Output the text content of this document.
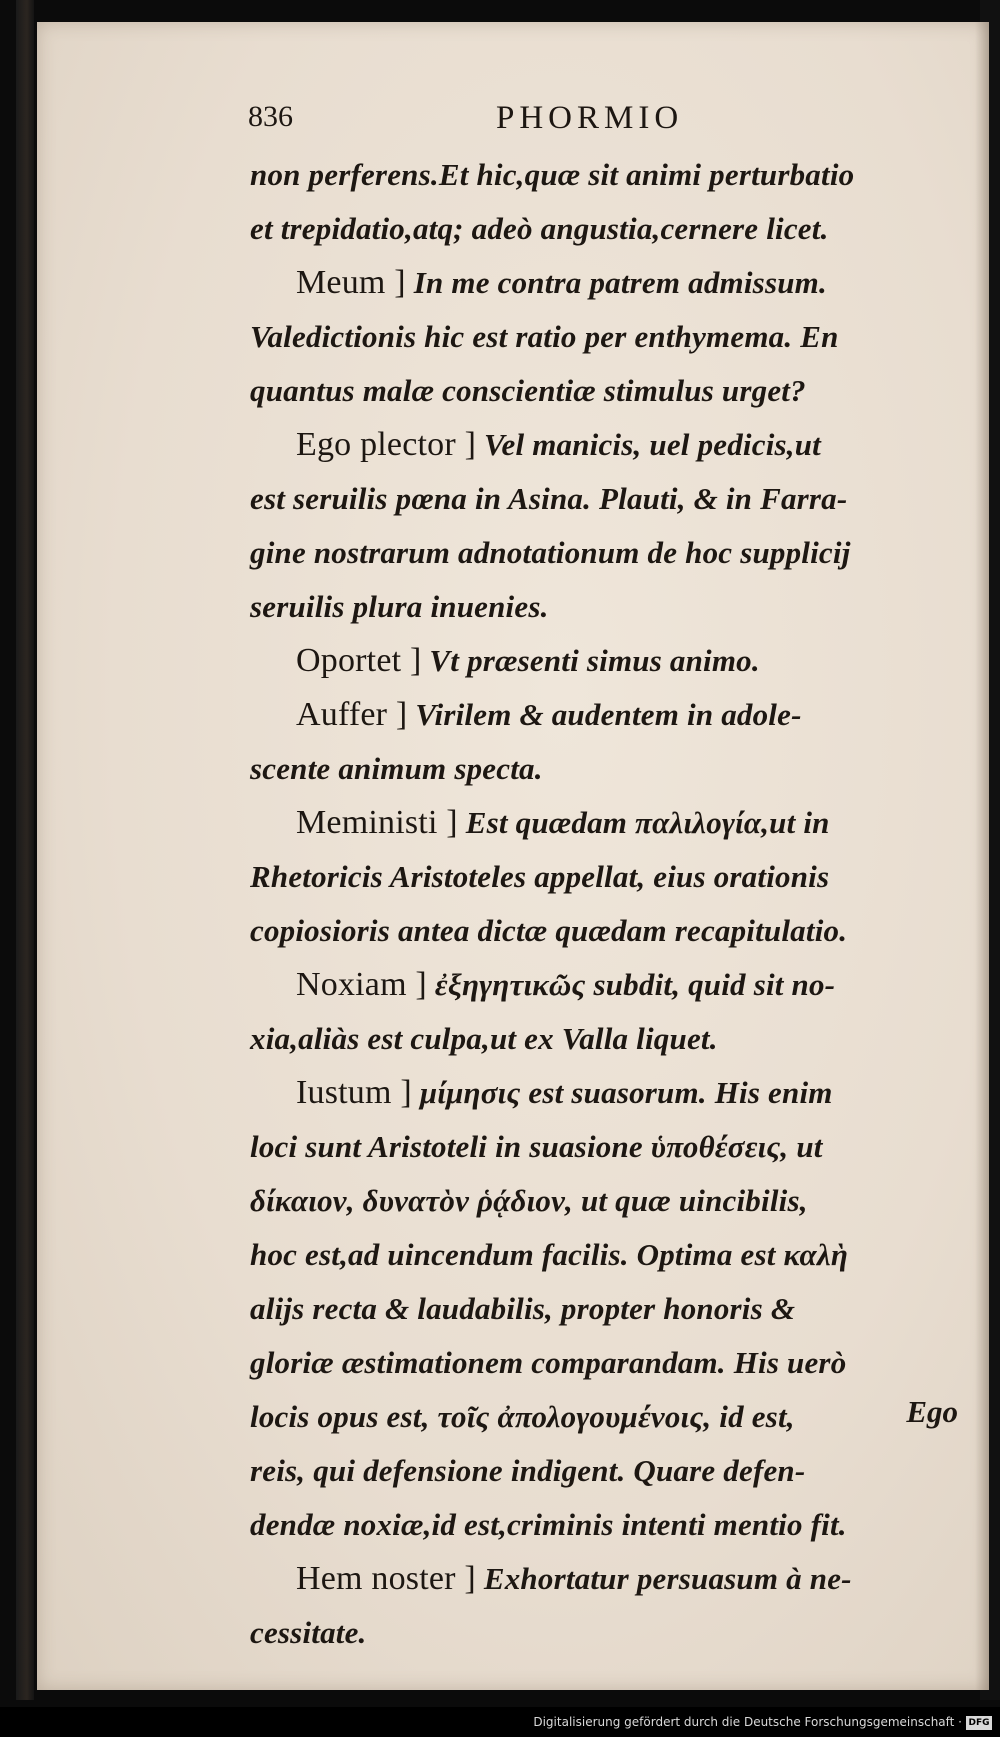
836	PHORMIO
non perferens.Et hic,quæ sit animi perturbatio
et trepidatio,atq; adeò angustia,cernere licet.
Meum ] In me contra patrem admissum.
Valedictionis hic est ratio per enthymema. En
quantus malæ conscientiæ stimulus urget?
Ego plector ] Vel manicis, uel pedicis,ut
est seruilis pœna in Asina. Plauti, & in Farra-
gine nostrarum adnotationum de hoc supplicij
seruilis plura inuenies.
Oportet ] Vt præsenti simus animo.
Auffer ] Virilem & audentem in adole-
scente animum specta.
Meministi ] Est quædam παλιλογία,ut in
Rhetoricis Aristoteles appellat, eius orationis
copiosioris antea dictæ quædam recapitulatio.
Noxiam ] ἐξηγητικῶς subdit, quid sit no-
xia,aliàs est culpa,ut ex Valla liquet.
Iustum ] μίμησις est suasorum. His enim
loci sunt Aristoteli in suasione ὑποθέσεις, ut
δίκαιον, δυνατὸν ῥᾴδιον, ut quæ uincibilis,
hoc est,ad uincendum facilis. Optima est καλὴ
alijs recta & laudabilis, propter honoris &
gloriæ æstimationem comparandam. His uerò
locis opus est, τοῖς ἀπολογουμένοις, id est,
reis, qui defensione indigent. Quare defen-
dendæ noxiæ,id est,criminis intenti mentio fit.
Hem noster ] Exhortatur persuasum à ne-
cessitate.
Ego
Digitalisierung gefördert durch die Deutsche Forschungsgemeinschaft · DFG
